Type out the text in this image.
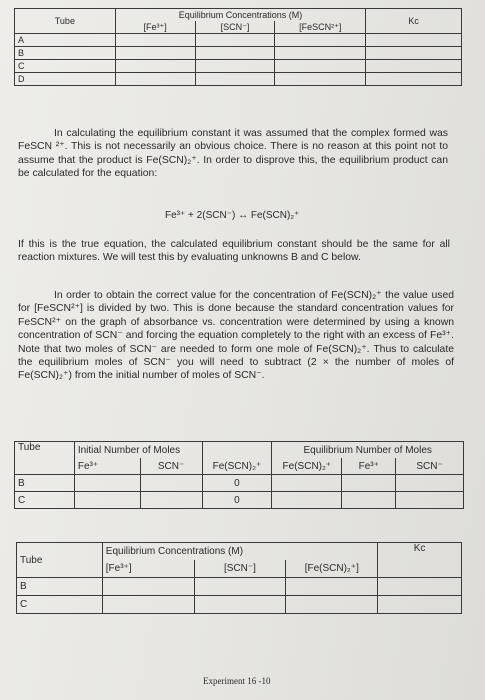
Tube	Equilibrium Concentrations (M)			Kc
	[Fe³⁺]	[SCN⁻]	[FeSCN²⁺]	
A				
B				
C				
D				

In calculating the equilibrium constant it was assumed that the complex formed was FeSCN ²⁺. This is not necessarily an obvious choice. There is no reason at this point not to assume that the product is Fe(SCN)₂⁺. In order to disprove this, the equilibrium product can be calculated for the equation:

Fe³⁺ + 2(SCN⁻) ↔ Fe(SCN)₂⁺

If this is the true equation, the calculated equilibrium constant should be the same for all reaction mixtures. We will test this by evaluating unknowns B and C below.

In order to obtain the correct value for the concentration of Fe(SCN)₂⁺ the value used for [FeSCN²⁺] is divided by two. This is done because the standard concentration values for FeSCN²⁺ on the graph of absorbance vs. concentration were determined by using a known concentration of SCN⁻ and forcing the equation completely to the right with an excess of Fe³⁺. Note that two moles of SCN⁻ are needed to form one mole of Fe(SCN)₂⁺. Thus to calculate the equilibrium moles of SCN⁻ you will need to subtract (2 × the number of moles of Fe(SCN)₂⁺) from the initial number of moles of SCN⁻.

Tube	Initial Number of Moles			Equilibrium Number of Moles		
	Fe³⁺	SCN⁻	Fe(SCN)₂⁺	Fe(SCN)₂⁺	Fe³⁺	SCN⁻
B			0			
C			0			
Tube	Equilibrium Concentrations (M)			Kc
	[Fe³⁺]	[SCN⁻]	[Fe(SCN)₂⁺]	
B				
C				
Experiment 16 -10
